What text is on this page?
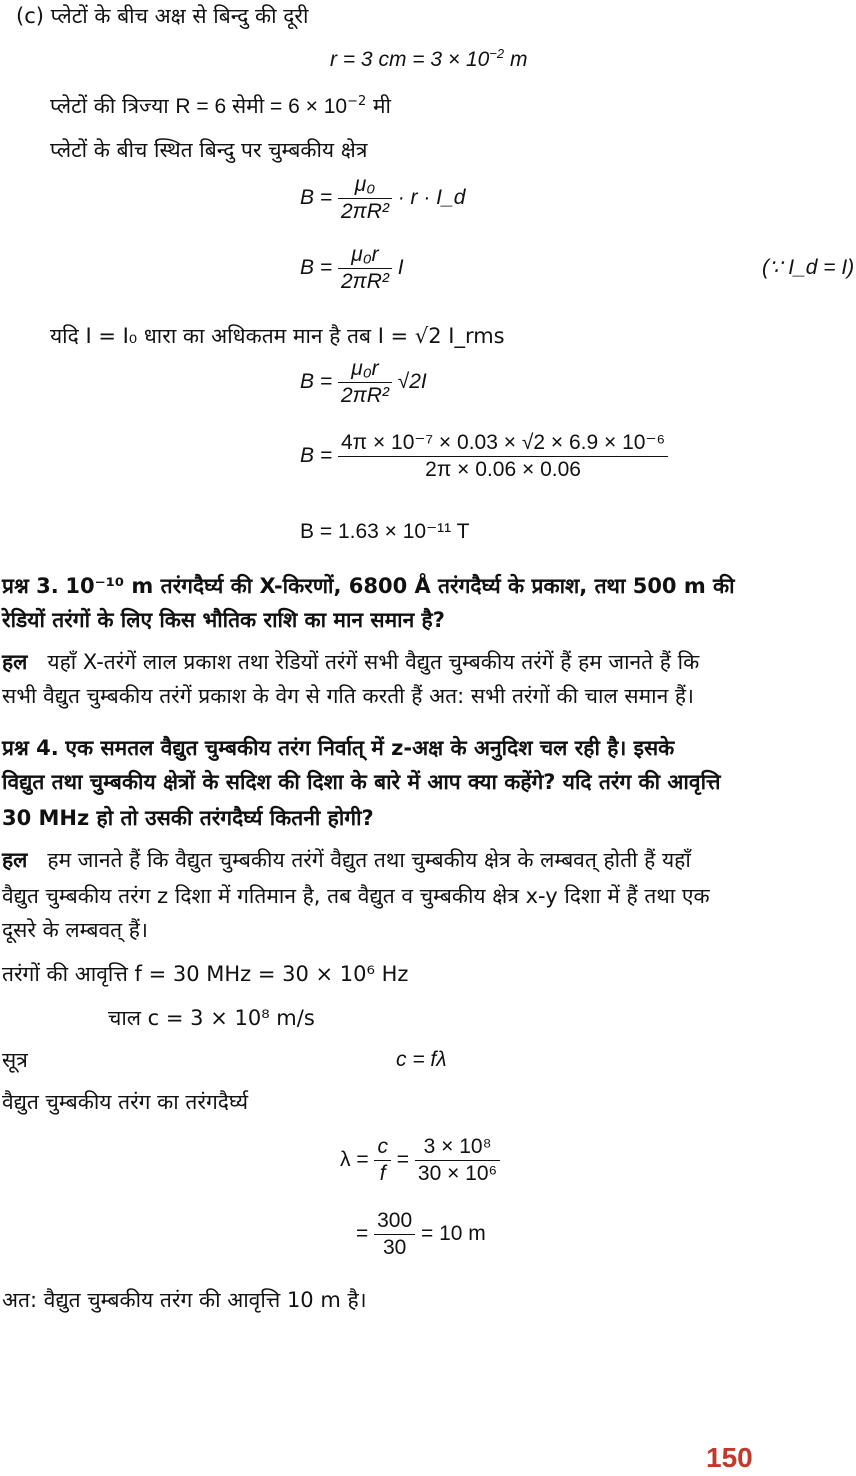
(c) प्लेटों के बीच अक्ष से बिन्दु की दूरी
r = 3 cm = $3 \times 10^{-2}$ m
प्लेटों की त्रिज्या R = 6 सेमी = $6 \times 10^{-2}$ मी
प्लेटों के बीच स्थित बिन्दु पर चुम्बकीय क्षेत्र
$B = \frac{\text{μ₀}}{\text{2πR²}} \cdot r$ · I_d
$B = \frac{\text{μ₀r}}{\text{2πR²}}$ I	(∵ I_d = I)
यदि I = I₀ धारा का अधिकतम मान है तब I = √2 I_rms
$B = \frac{\text{μ₀r}}{\text{2πR²}} √2I$
$B = \frac{\text{4π × 10⁻⁷ × 0.03 × √2 × 6.9 × 10⁻⁶}}{2\pi \times 0.06 \times 0.06}$
B = 1.63 × 10⁻¹¹ T
प्रश्न 3. 10⁻¹⁰ m तरंगदैर्घ्य की X-किरणों, 6800 Å तरंगदैर्घ्य के प्रकाश, तथा 500 m की
रेडियों तरंगों के लिए किस भौतिक राशि का मान समान है?
हल यहाँ X-तरंगें लाल प्रकाश तथा रेडियों तरंगें सभी वैद्युत चुम्बकीय तरंगें हैं हम जानते हैं कि
सभी वैद्युत चुम्बकीय तरंगें प्रकाश के वेग से गति करती हैं अत: सभी तरंगों की चाल समान हैं।
प्रश्न 4. एक समतल वैद्युत चुम्बकीय तरंग निर्वात् में z-अक्ष के अनुदिश चल रही है। इसके
विद्युत तथा चुम्बकीय क्षेत्रों के सदिश की दिशा के बारे में आप क्या कहेंगे? यदि तरंग की आवृत्ति
30 MHz हो तो उसकी तरंगदैर्घ्य कितनी होगी?
हल हम जानते हैं कि वैद्युत चुम्बकीय तरंगें वैद्युत तथा चुम्बकीय क्षेत्र के लम्बवत् होती हैं यहाँ
वैद्युत चुम्बकीय तरंग z दिशा में गतिमान है, तब वैद्युत व चुम्बकीय क्षेत्र x-y दिशा में हैं तथा एक
दूसरे के लम्बवत् हैं।
तरंगों की आवृत्ति f = 30 MHz = 30 × 10⁶ Hz
चाल c = 3 × 10⁸ m/s
सूत्र	c = fλ
वैद्युत चुम्बकीय तरंग का तरंगदैर्घ्य
$\lambda = \frac{c}{f} = \frac{\text{3 × 10⁸}}{\text{30 × 10⁶}}$
= $\frac{300}{30} = 10$ m
अत: वैद्युत चुम्बकीय तरंग की आवृत्ति 10 m है।
150
